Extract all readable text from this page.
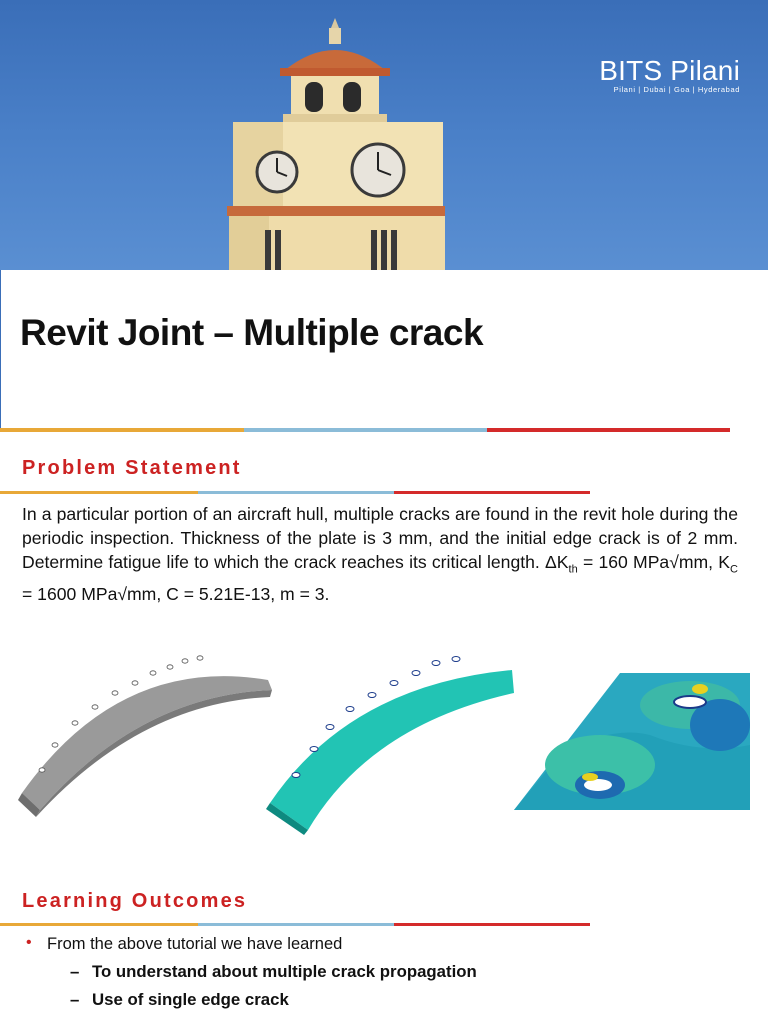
BITS Pilani
Pilani | Dubai | Goa | Hyderabad
Revit Joint – Multiple crack
Problem Statement
In a particular portion of an aircraft hull, multiple cracks are found in the revit hole during the periodic inspection. Thickness of the plate is 3 mm, and the initial edge crack is of 2 mm. Determine fatigue life to which the crack reaches its critical length. $\Delta K_{th} = 160$ MPa√mm, $K_C = 1600$ MPa√mm, C = 5.21E-13, m = 3.
Learning Outcomes
• From the above tutorial we have learned
– To understand about multiple crack propagation
– Use of single edge crack
